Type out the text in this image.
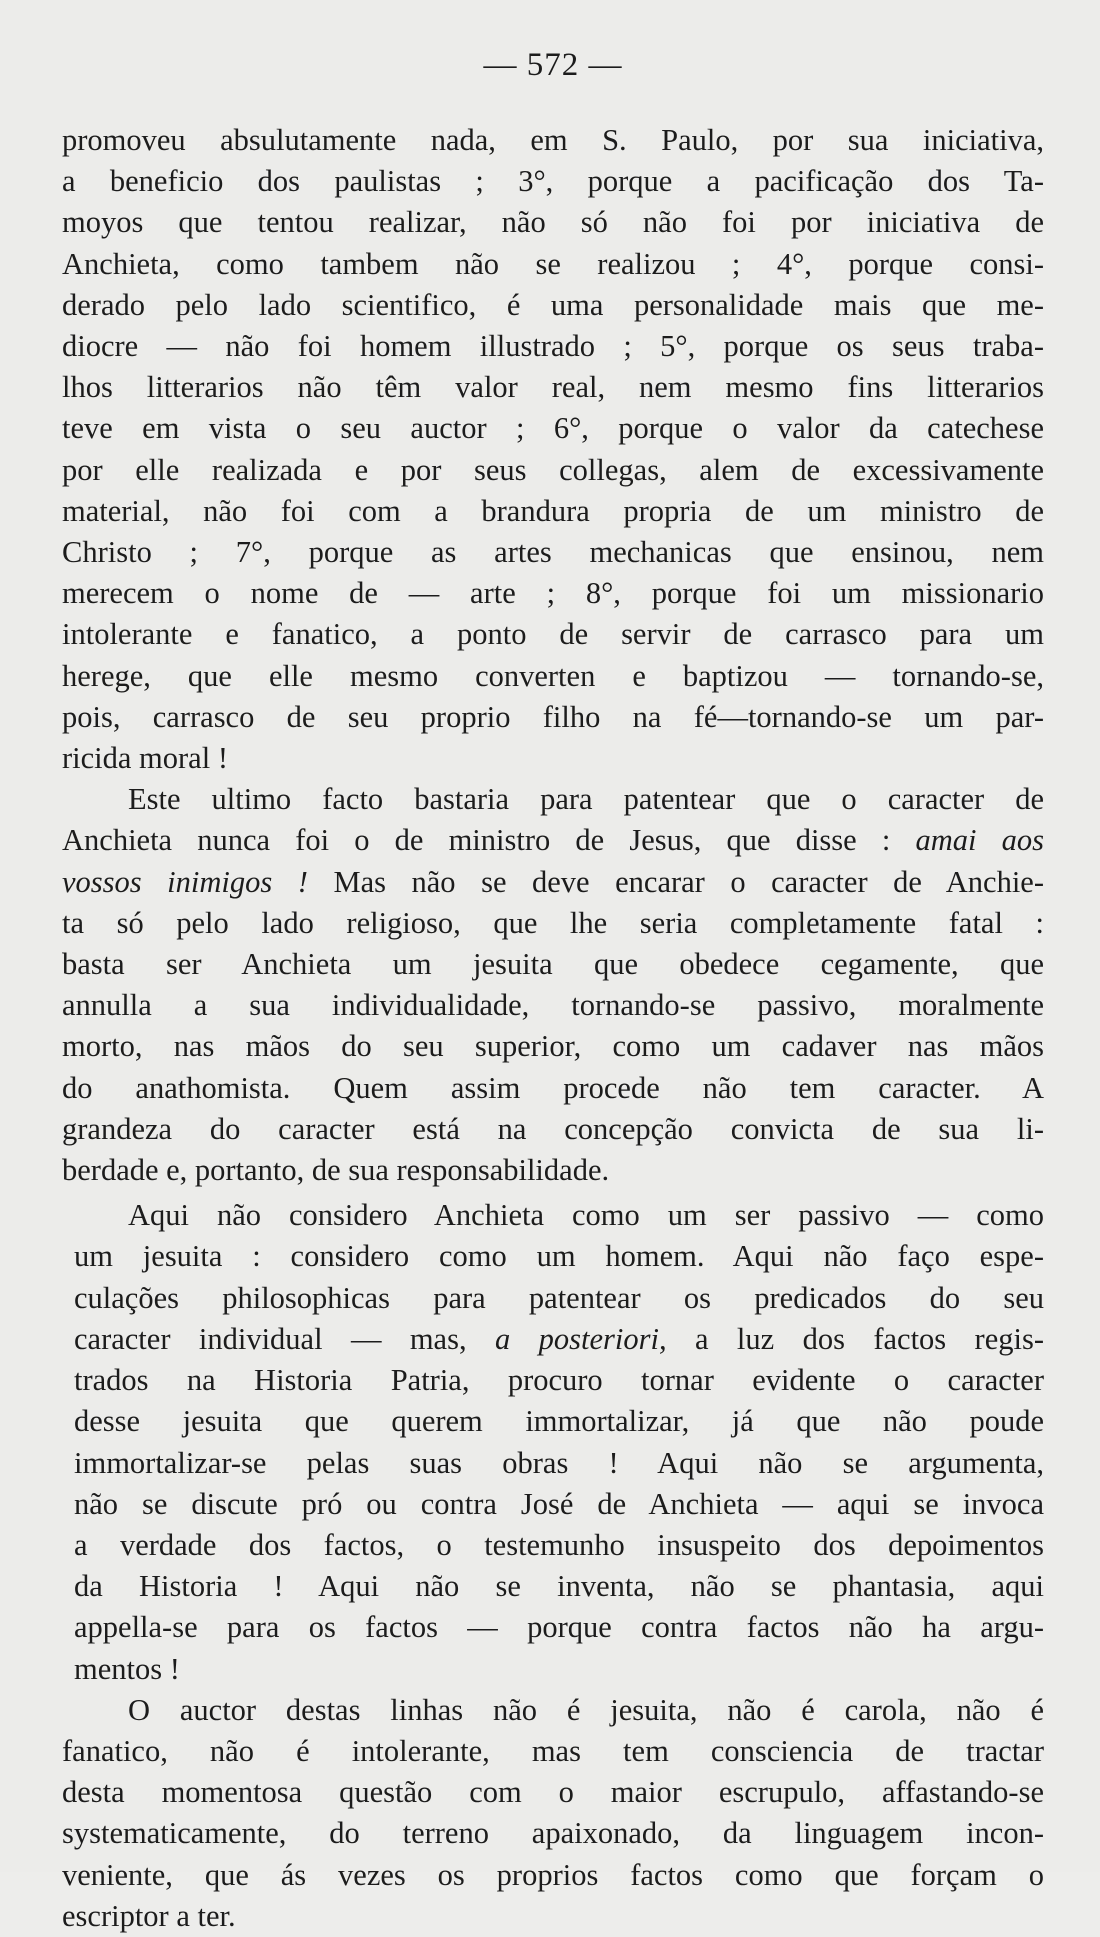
— 572 —
promoveu absulutamente nada, em S. Paulo, por sua iniciativa,
a beneficio dos paulistas ; 3°, porque a pacificação dos Ta-
moyos que tentou realizar, não só não foi por iniciativa de
Anchieta, como tambem não se realizou ; 4°, porque consi-
derado pelo lado scientifico, é uma personalidade mais que me-
diocre — não foi homem illustrado ; 5°, porque os seus traba-
lhos litterarios não têm valor real, nem mesmo fins litterarios
teve em vista o seu auctor ; 6°, porque o valor da catechese
por elle realizada e por seus collegas, alem de excessivamente
material, não foi com a brandura propria de um ministro de
Christo ; 7°, porque as artes mechanicas que ensinou, nem
merecem o nome de — arte ; 8°, porque foi um missionario
intolerante e fanatico, a ponto de servir de carrasco para um
herege, que elle mesmo converten e baptizou — tornando-se,
pois, carrasco de seu proprio filho na fé—tornando-se um par-
ricida moral !
Este ultimo facto bastaria para patentear que o caracter de
Anchieta nunca foi o de ministro de Jesus, que disse : amai aos
vossos inimigos ! Mas não se deve encarar o caracter de Anchie-
ta só pelo lado religioso, que lhe seria completamente fatal :
basta ser Anchieta um jesuita que obedece cegamente, que
annulla a sua individualidade, tornando-se passivo, moralmente
morto, nas mãos do seu superior, como um cadaver nas mãos
do anathomista. Quem assim procede não tem caracter. A
grandeza do caracter está na concepção convicta de sua li-
berdade e, portanto, de sua responsabilidade.
Aqui não considero Anchieta como um ser passivo — como
um jesuita : considero como um homem. Aqui não faço espe-
culações philosophicas para patentear os predicados do seu
caracter individual — mas, a posteriori, a luz dos factos regis-
trados na Historia Patria, procuro tornar evidente o caracter
desse jesuita que querem immortalizar, já que não poude
immortalizar-se pelas suas obras ! Aqui não se argumenta,
não se discute pró ou contra José de Anchieta — aqui se invoca
a verdade dos factos, o testemunho insuspeito dos depoimentos
da Historia ! Aqui não se inventa, não se phantasia, aqui
appella-se para os factos — porque contra factos não ha argu-
mentos !
O auctor destas linhas não é jesuita, não é carola, não é
fanatico, não é intolerante, mas tem consciencia de tractar
desta momentosa questão com o maior escrupulo, affastando-se
systematicamente, do terreno apaixonado, da linguagem incon-
veniente, que ás vezes os proprios factos como que forçam o
escriptor a ter.
